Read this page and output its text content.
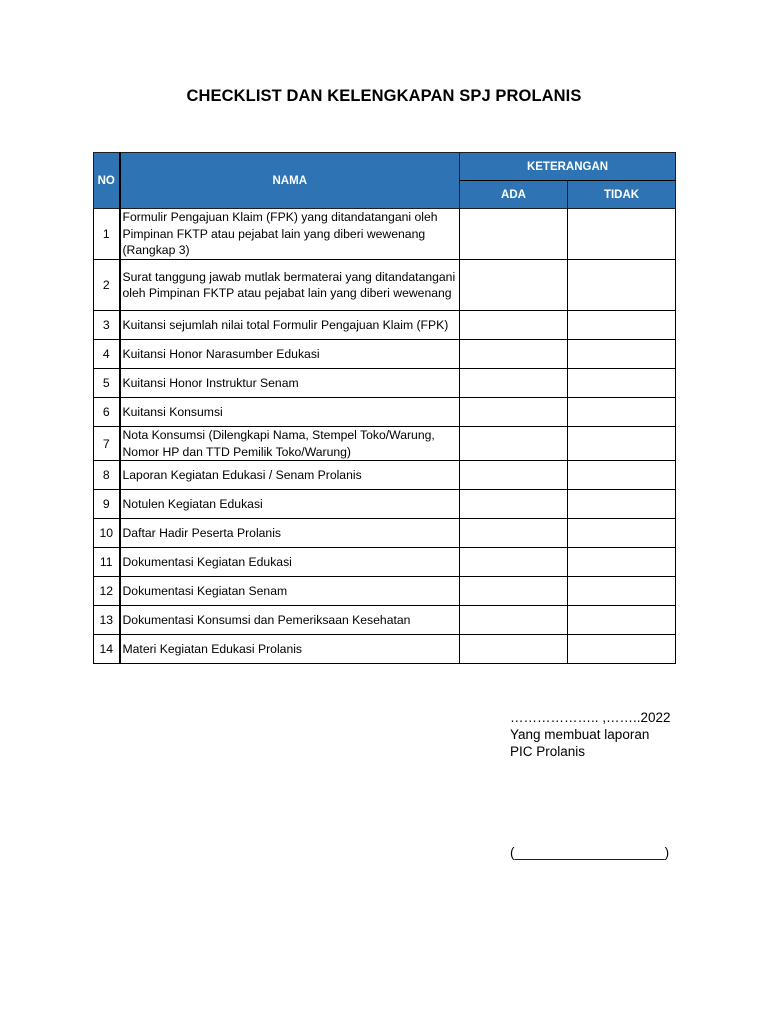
CHECKLIST DAN KELENGKAPAN SPJ PROLANIS
NO	NAMA	KETERANGAN	
		ADA	TIDAK
1	Formulir Pengajuan Klaim (FPK) yang ditandatangani oleh Pimpinan FKTP atau pejabat lain yang diberi wewenang (Rangkap 3)		
2	Surat tanggung jawab mutlak bermaterai yang ditandatangani oleh Pimpinan FKTP atau pejabat lain yang diberi wewenang		
3	Kuitansi sejumlah nilai total Formulir Pengajuan Klaim (FPK)		
4	Kuitansi Honor Narasumber Edukasi		
5	Kuitansi Honor Instruktur Senam		
6	Kuitansi Konsumsi		
7	Nota Konsumsi (Dilengkapi Nama, Stempel Toko/Warung, Nomor HP dan TTD Pemilik Toko/Warung)		
8	Laporan Kegiatan Edukasi / Senam Prolanis		
9	Notulen Kegiatan Edukasi		
10	Daftar Hadir Peserta Prolanis		
11	Dokumentasi Kegiatan Edukasi		
12	Dokumentasi Kegiatan Senam		
13	Dokumentasi Konsumsi dan Pemeriksaan Kesehatan		
14	Materi Kegiatan Edukasi Prolanis		
……………….. ,……..2022
Yang membuat laporan
PIC Prolanis
(____________________)
